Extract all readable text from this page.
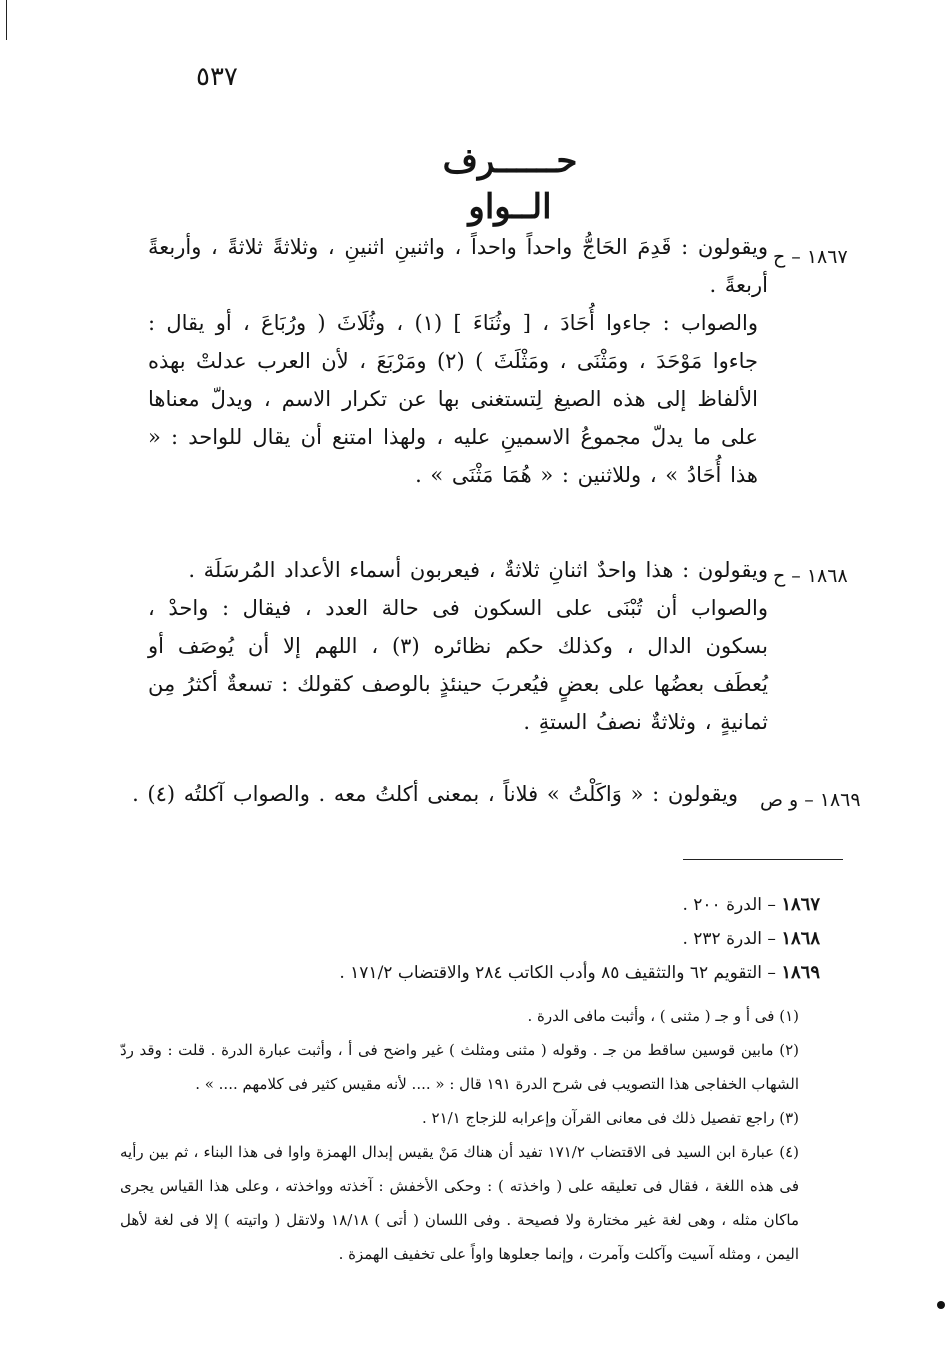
٥٣٧
حــــــرف الــواو
١٨٦٧ – ح

ويقولون : قَدِمَ الحَاجُّ واحداً واحداً ، واثنينِ اثنينِ ، وثلاثةً ثلاثةً ، وأربعةً أربعةً .

والصواب : جاءوا أُحَادَ ، [ وثُنَاءَ ] (١) ، وثُلَاثَ ( ورُبَاعَ ، أو يقال : جاءوا مَوْحَدَ ، ومَثْنَى ، ومَثْلَثَ ) (٢) ومَرْبَعَ ، لأن العرب عدلتْ بهذه الألفاظ إلى هذه الصيغ لِتستغنى بها عن تكرار الاسم ، ويدلّ معناها على ما يدلّ مجموعُ الاسمينِ عليه ، ولهذا امتنع أن يقال للواحد : « هذا أُحَادُ » ، وللاثنين : « هُمَا مَثْنَى » .

١٨٦٨ – ح

ويقولون : هذا واحدٌ اثنانِ ثلاثةٌ ، فيعربون أسماء الأعداد المُرسَلَة .

والصواب أن تُبْنَى على السكون فى حالة العدد ، فيقال : واحدْ ، بسكون الدال ، وكذلك حكم نظائره (٣) ، اللهم إلا أن يُوصَف أو يُعطَف بعضُها على بعضٍ فيُعربَ حينئذٍ بالوصف كقولك : تسعةٌ أكثرُ مِن ثمانيةٍ ، وثلاثةٌ نصفُ الستةِ .

١٨٦٩ – و ص
ويقولون : « وَاكَلْتُ » فلاناً ، بمعنى أكلتُ معه . والصواب آكلتُه (٤) .
١٨٦٧ – الدرة ٢٠٠ .
١٨٦٨ – الدرة ٢٣٢ .
١٨٦٩ – التقويم ٦٢ والتثقيف ٨٥ وأدب الكاتب ٢٨٤ والاقتضاب ١٧١/٢ .

(١) فى أ و جـ ( مثنى ) ، وأثبت مافى الدرة .

(٢) مابين قوسين ساقط من جـ . وقوله ( مثنى ومثلث ) غير واضح فى أ ، وأثبت عبارة الدرة . قلت : وقد ردّ الشهاب الخفاجى هذا التصويب فى شرح الدرة ١٩١ قال : « .... لأنه مقيس كثير فى كلامهم .... » .

(٣) راجع تفصيل ذلك فى معانى القرآن وإعرابه للزجاج ٢١/١ .

(٤) عبارة ابن السيد فى الاقتضاب ١٧١/٢ تفيد أن هناك مَنْ يقيس إبدال الهمزة واوا فى هذا البناء ، ثم بين رأيه فى هذه اللغة ، فقال فى تعليقه على ( واخذته ) : وحكى الأخفش : آخذته وواخذته ، وعلى هذا القياس يجرى ماكان مثله ، وهى لغة غير مختارة ولا فصيحة . وفى اللسان ( أتى ) ١٨/١٨ ولاتقل ( واتيته ) إلا فى لغة لأهل اليمن ، ومثله آسيت وآكلت وآمرت ، وإنما جعلوها واواً على تخفيف الهمزة .
